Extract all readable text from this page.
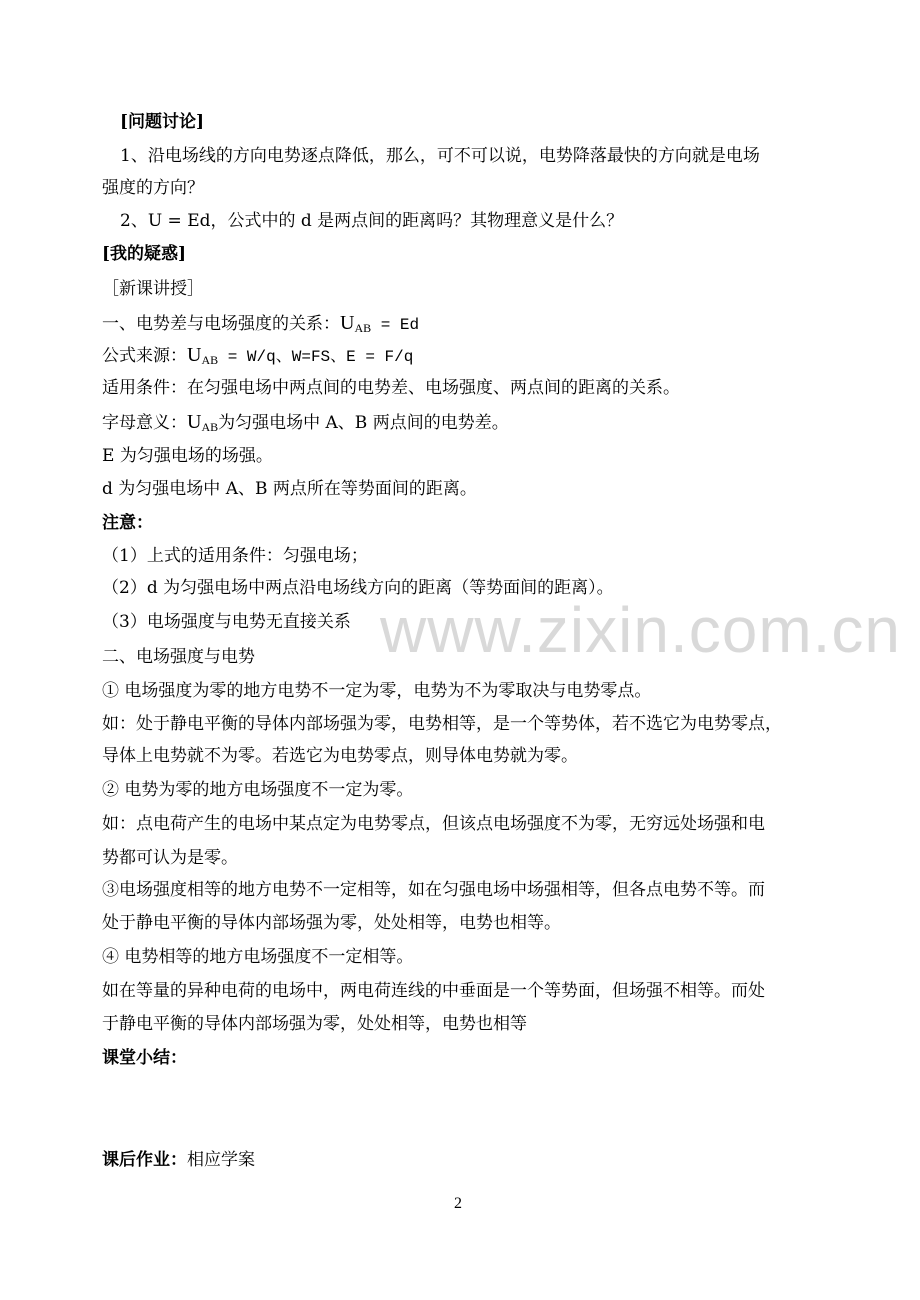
www.zixin.com.cn
[问题讨论]
1、沿电场线的方向电势逐点降低，那么，可不可以说，电势降落最快的方向就是电场
强度的方向？
2、U = Ed，公式中的 d 是两点间的距离吗？其物理意义是什么？
[我的疑惑]
［新课讲授］
一、电势差与电场强度的关系：$U_{AB} = Ed$
公式来源：$U_{AB} = W/q$、W=FS、E = F/q
适用条件：在匀强电场中两点间的电势差、电场强度、两点间的距离的关系。
字母意义：$U_{AB}$为匀强电场中 A、B 两点间的电势差。
E 为匀强电场的场强。
d 为匀强电场中 A、B 两点所在等势面间的距离。
注意：
（1）上式的适用条件：匀强电场；
（2）d 为匀强电场中两点沿电场线方向的距离（等势面间的距离）。
（3）电场强度与电势无直接关系
二、电场强度与电势
① 电场强度为零的地方电势不一定为零，电势为不为零取决与电势零点。
如：处于静电平衡的导体内部场强为零，电势相等，是一个等势体，若不选它为电势零点，
导体上电势就不为零。若选它为电势零点，则导体电势就为零。
② 电势为零的地方电场强度不一定为零。
如：点电荷产生的电场中某点定为电势零点，但该点电场强度不为零，无穷远处场强和电
势都可认为是零。
③电场强度相等的地方电势不一定相等，如在匀强电场中场强相等，但各点电势不等。而
处于静电平衡的导体内部场强为零，处处相等，电势也相等。
④ 电势相等的地方电场强度不一定相等。
如在等量的异种电荷的电场中，两电荷连线的中垂面是一个等势面，但场强不相等。而处
于静电平衡的导体内部场强为零，处处相等，电势也相等
课堂小结：
课后作业：相应学案
2
